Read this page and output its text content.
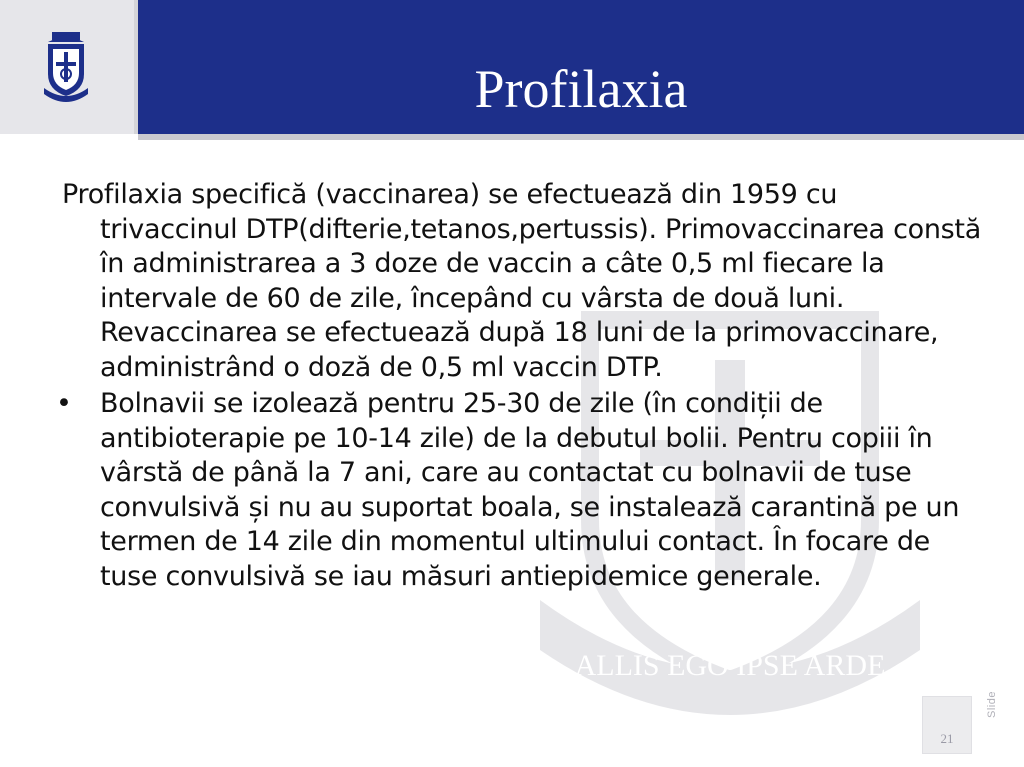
Profilaxia
ALLIS EGO IPSE ARDE

Profilaxia specifică (vaccinarea) se efectuează din 1959 cu trivaccinul DTP(difterie,tetanos,pertussis). Primovaccinarea constă în administrarea a 3 doze de vaccin a câte 0,5 ml fiecare la intervale de 60 de zile, începând cu vârsta de două luni. Revaccinarea se efectuează după 18 luni de la primovaccinare, administrând o doză de 0,5 ml vaccin DTP.

•	Bolnavii se izolează pentru 25-30 de zile (în condiții de antibioterapie pe 10-14 zile) de la debutul bolii. Pentru copiii în vârstă de până la 7 ani, care au contactat cu bolnavii de tuse convulsivă și nu au suportat boala, se instalează carantină pe un termen de 14 zile din momentul ultimului contact. În focare de tuse convulsivă se iau măsuri antiepidemice generale.
21
Slide
